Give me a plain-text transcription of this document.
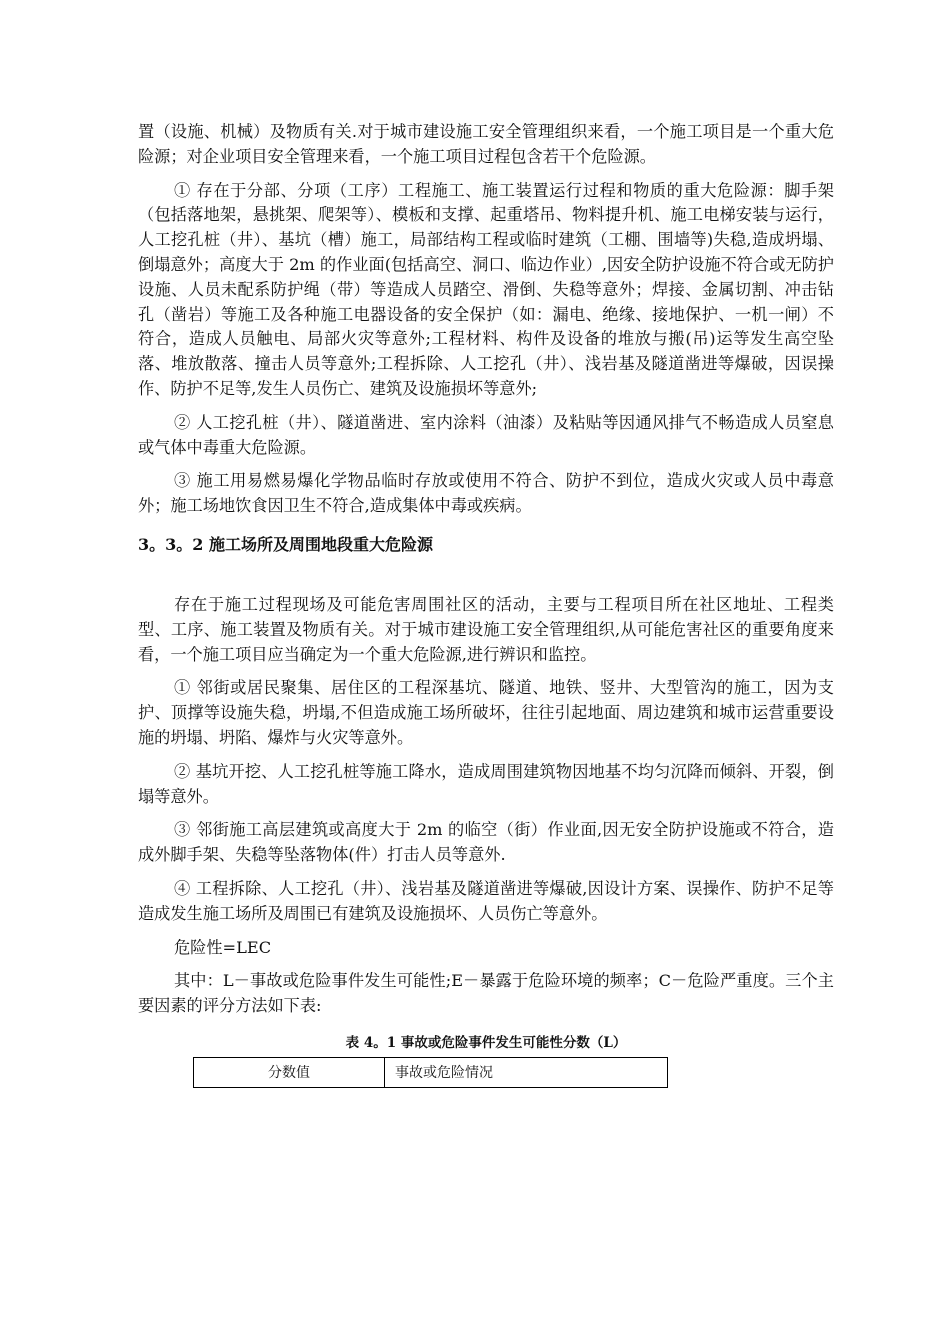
置（设施、机械）及物质有关.对于城市建设施工安全管理组织来看，一个施工项目是一个重大危险源；对企业项目安全管理来看，一个施工项目过程包含若干个危险源。

① 存在于分部、分项（工序）工程施工、施工装置运行过程和物质的重大危险源：脚手架（包括落地架，悬挑架、爬架等）、模板和支撑、起重塔吊、物料提升机、施工电梯安装与运行，人工挖孔桩（井）、基坑（槽）施工，局部结构工程或临时建筑（工棚、围墙等)失稳,造成坍塌、倒塌意外；高度大于 2m 的作业面(包括高空、洞口、临边作业）,因安全防护设施不符合或无防护设施、人员未配系防护绳（带）等造成人员踏空、滑倒、失稳等意外；焊接、金属切割、冲击钻孔（凿岩）等施工及各种施工电器设备的安全保护（如：漏电、绝缘、接地保护、一机一闸）不符合，造成人员触电、局部火灾等意外;工程材料、构件及设备的堆放与搬(吊)运等发生高空坠落、堆放散落、撞击人员等意外;工程拆除、人工挖孔（井）、浅岩基及隧道凿进等爆破，因误操作、防护不足等,发生人员伤亡、建筑及设施损坏等意外;

② 人工挖孔桩（井）、隧道凿进、室内涂料（油漆）及粘贴等因通风排气不畅造成人员窒息或气体中毒重大危险源。

③ 施工用易燃易爆化学物品临时存放或使用不符合、防护不到位，造成火灾或人员中毒意外；施工场地饮食因卫生不符合,造成集体中毒或疾病。

3。3。2 施工场所及周围地段重大危险源

存在于施工过程现场及可能危害周围社区的活动，主要与工程项目所在社区地址、工程类型、工序、施工装置及物质有关。对于城市建设施工安全管理组织,从可能危害社区的重要角度来看，一个施工项目应当确定为一个重大危险源,进行辨识和监控。

① 邻街或居民聚集、居住区的工程深基坑、隧道、地铁、竖井、大型管沟的施工，因为支护、顶撑等设施失稳，坍塌,不但造成施工场所破坏，往往引起地面、周边建筑和城市运营重要设施的坍塌、坍陷、爆炸与火灾等意外。

② 基坑开挖、人工挖孔桩等施工降水，造成周围建筑物因地基不均匀沉降而倾斜、开裂，倒塌等意外。

③ 邻街施工高层建筑或高度大于 2m 的临空（街）作业面,因无安全防护设施或不符合，造成外脚手架、失稳等坠落物体(件）打击人员等意外.

④ 工程拆除、人工挖孔（井）、浅岩基及隧道凿进等爆破,因设计方案、误操作、防护不足等造成发生施工场所及周围已有建筑及设施损坏、人员伤亡等意外。

危险性=LEC

其中：L－事故或危险事件发生可能性;E－暴露于危险环境的频率；C－危险严重度。三个主要因素的评分方法如下表:

表 4。1 事故或危险事件发生可能性分数（L）
分数值	事故或危险情况
